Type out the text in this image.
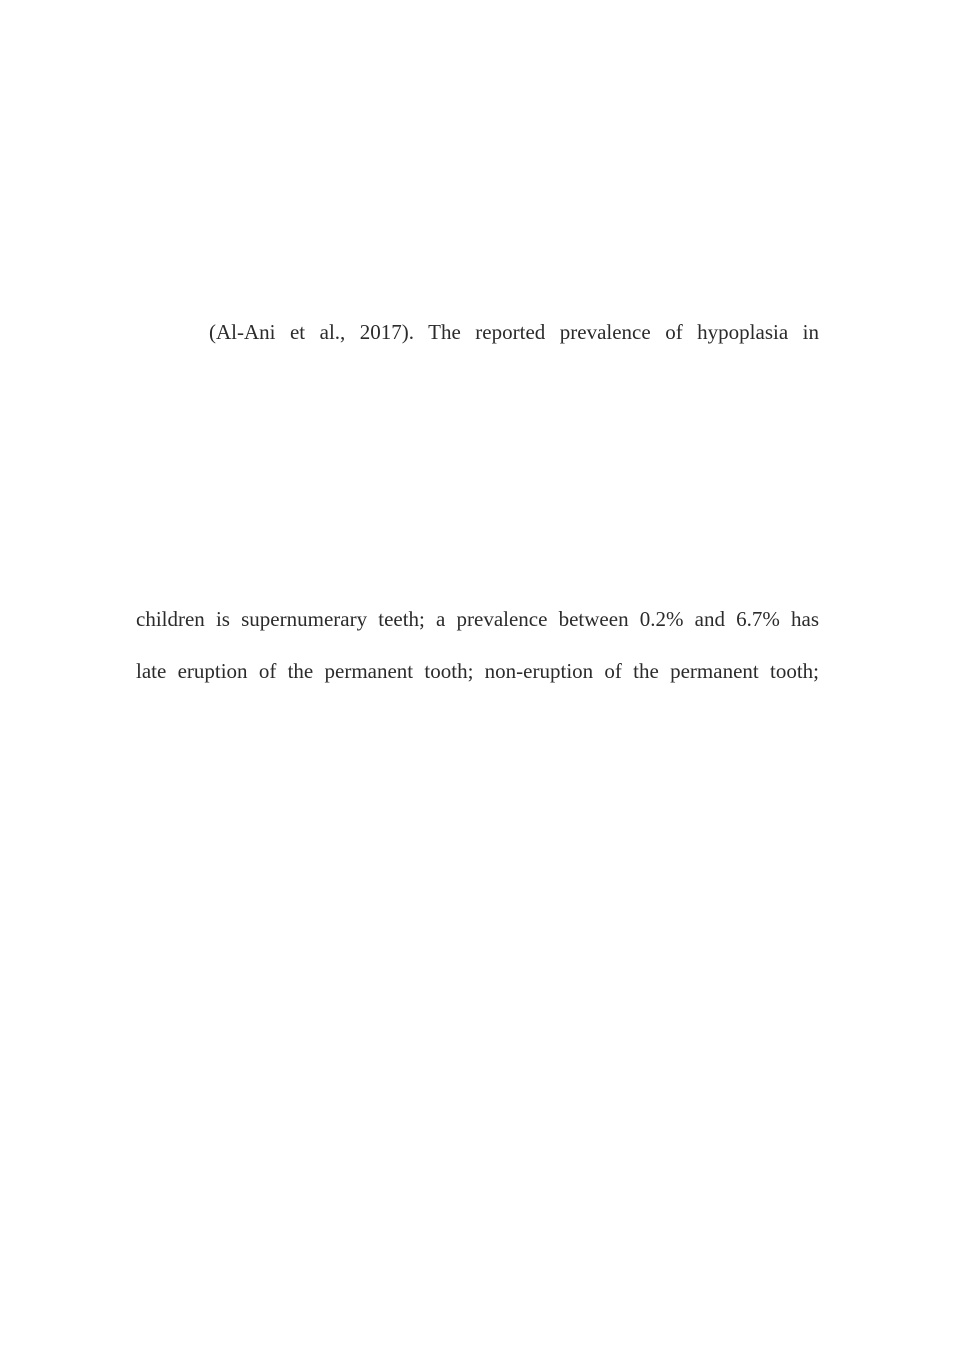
(Al-Ani et al., 2017). The reported prevalence of hypoplasia in
children is supernumerary teeth; a prevalence between 0.2% and 6.7% has
late eruption of the permanent tooth; non-eruption of the permanent tooth;
